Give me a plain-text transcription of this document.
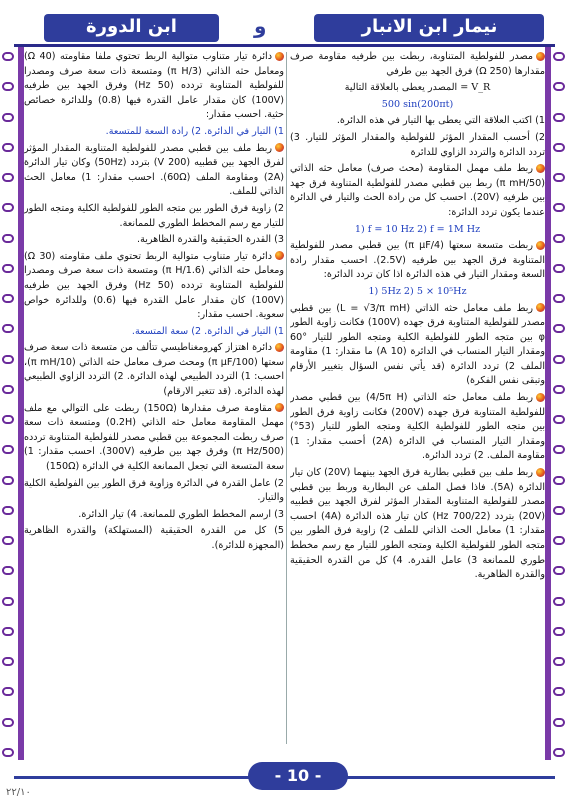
نيمار ابن الانبار
و
ابن الدورة

مصدر للفولطية المتناوبة، ربطت بين طرفيه مقاومة صرف مقدارها (Ω 250) فرق الجهد بين طرفي

المصدر يعطى بالعلاقة التالية = V_R

500 sin(200πt)

1) اكتب العلاقة التي يعطى بها التيار في هذه الدائرة.

2) أحسب المقدار المؤثر للفولطية والمقدار المؤثر للتيار. 3) تردد الدائرة والتردد الزاوي للدائرة

ربط ملف مهمل المقاومة (محث صرف) معامل حثه الذاتي (50/π mH) ربط بين قطبي مصدر للفولطية المتناوبة فرق جهد بين طرفيه (20V). احسب كل من رادة الحث والتيار في الدائرة عندما يكون تردد الدائرة:

1) f = 10 Hz 2) f = 1M Hz

ربطت متسعة سعتها (4/π μF) بين قطبي مصدر للفولطية المتناوبة فرق الجهد بين طرفيه (2.5V). احسب مقدار رادة السعة ومقدار التيار في هذه الدائرة اذا كان تردد الدائرة:

1) 5Hz 2) 5 × 10⁵Hz

ربط ملف معامل حثه الذاتي (L = √3/π mH) بين قطبي مصدر للفولطية المتناوبة فرق جهده (100V) فكانت زاوية الطور φ بين متجه الطور للفولطية الكلية ومتجه الطور للتيار °60 ومقدار التيار المنساب في الدائرة (10 A) ما مقدار: 1) مقاومة الملف 2) تردد الدائرة (قد يأتي نفس السؤال بتغيير الأرقام وتبقى نفس الفكرة)

ربط ملف معامل حثه الذاتي (4/5π H) بين قطبي مصدر للفولطية المتناوبة فرق جهده (200V) فكانت زاوية فرق الطور بين متجه الطور للفولطية الكلية ومتجه الطور للتيار (53°) ومقدار التيار المنساب في الدائرة (2A) أحسب مقدار: 1) مقاومة الملف. 2) تردد الدائرة.

ربط ملف بين قطبي بطارية فرق الجهد بينهما (20V) كان تيار الدائرة (5A). فاذا فصل الملف عن البطارية وربط بين قطبي مصدر للفولطية المتناوبة المقدار المؤثر لفرق الجهد بين قطبيه (20V) بتردد (700/22 Hz) كان تيار هذه الدائرة (4A) احسب مقدار: 1) معامل الحث الذاتي للملف 2) زاوية فرق الطور بين متجه الطور للفولطية الكلية ومتجه الطور للتيار مع رسم مخطط طوري للممانعة 3) عامل القدرة. 4) كل من القدرة الحقيقية والقدرة الظاهرية.

دائرة تيار متناوب متوالية الربط تحتوي ملفا مقاومته (40 Ω) ومعامل حثه الذاتي (3/π H) ومتسعة ذات سعة صرف ومصدرا للفولطية المتناوبة تردده (50 Hz) وفرق الجهد بين طرفيه (100V) كان مقدار عامل القدرة فيها (0.8) وللدائرة خصائص حثية. احسب مقدار:

1) التيار في الدائرة. 2) رادة السعة للمتسعة.

ربط ملف بين قطبي مصدر للفولطية المتناوبة المقدار المؤثر لفرق الجهد بين قطبيه (200 V) بتردد (50Hz) وكان تيار الدائرة (2A) ومقاومة الملف (60Ω). احسب مقدار: 1) معامل الحث الذاتي للملف.

2) زاوية فرق الطور بين متجه الطور للفولطية الكلية ومتجه الطور للتيار مع رسم المخطط الطوري للممانعة.

3) القدرة الحقيقية والقدرة الظاهرية.

دائرة تيار متناوب متوالية الربط تحتوي ملف مقاومته (30 Ω) ومعامل حثه الذاتي (1.6/π H) ومتسعة ذات سعة صرف ومصدرا للفولطية المتناوبة تردده (50 Hz) وفرق الجهد بين طرفيه (100V) كان مقدار عامل القدرة فيها (0.6) وللدائرة خواص سعوية. احسب مقدار:

1) التيار في الدائرة. 2) سعة المتسعة.

دائرة اهتزاز كهرومغناطيسي تتألف من متسعة ذات سعة صرف سعتها (100/π μF) ومحث صرف معامل حثه الذاتي (10/π mH)، احسب: 1) التردد الطبيعي لهذه الدائرة. 2) التردد الزاوي الطبيعي لهذه الدائرة. (قد تتغير الارقام)

مقاومة صرف مقدارها (150Ω) ربطت على التوالي مع ملف مهمل المقاومة معامل حثه الذاتي (0.2H) ومتسعة ذات سعة صرف ربطت المجموعة بين قطبي مصدر للفولطية المتناوبة تردده (500/π Hz) وفرق جهد بين طرفيه (300V). احسب مقدار: 1) سعة المتسعة التي تجعل الممانعة الكلية في الدائرة (150Ω)

2) عامل القدرة في الدائرة وزاوية فرق الطور بين الفولطية الكلية والتيار.

3) ارسم المخطط الطوري للممانعة. 4) تيار الدائرة.

5) كل من القدرة الحقيقية (المستهلكة) والقدرة الظاهرية (المجهزة للدائرة).

- 10 -
٢٢/١٠
